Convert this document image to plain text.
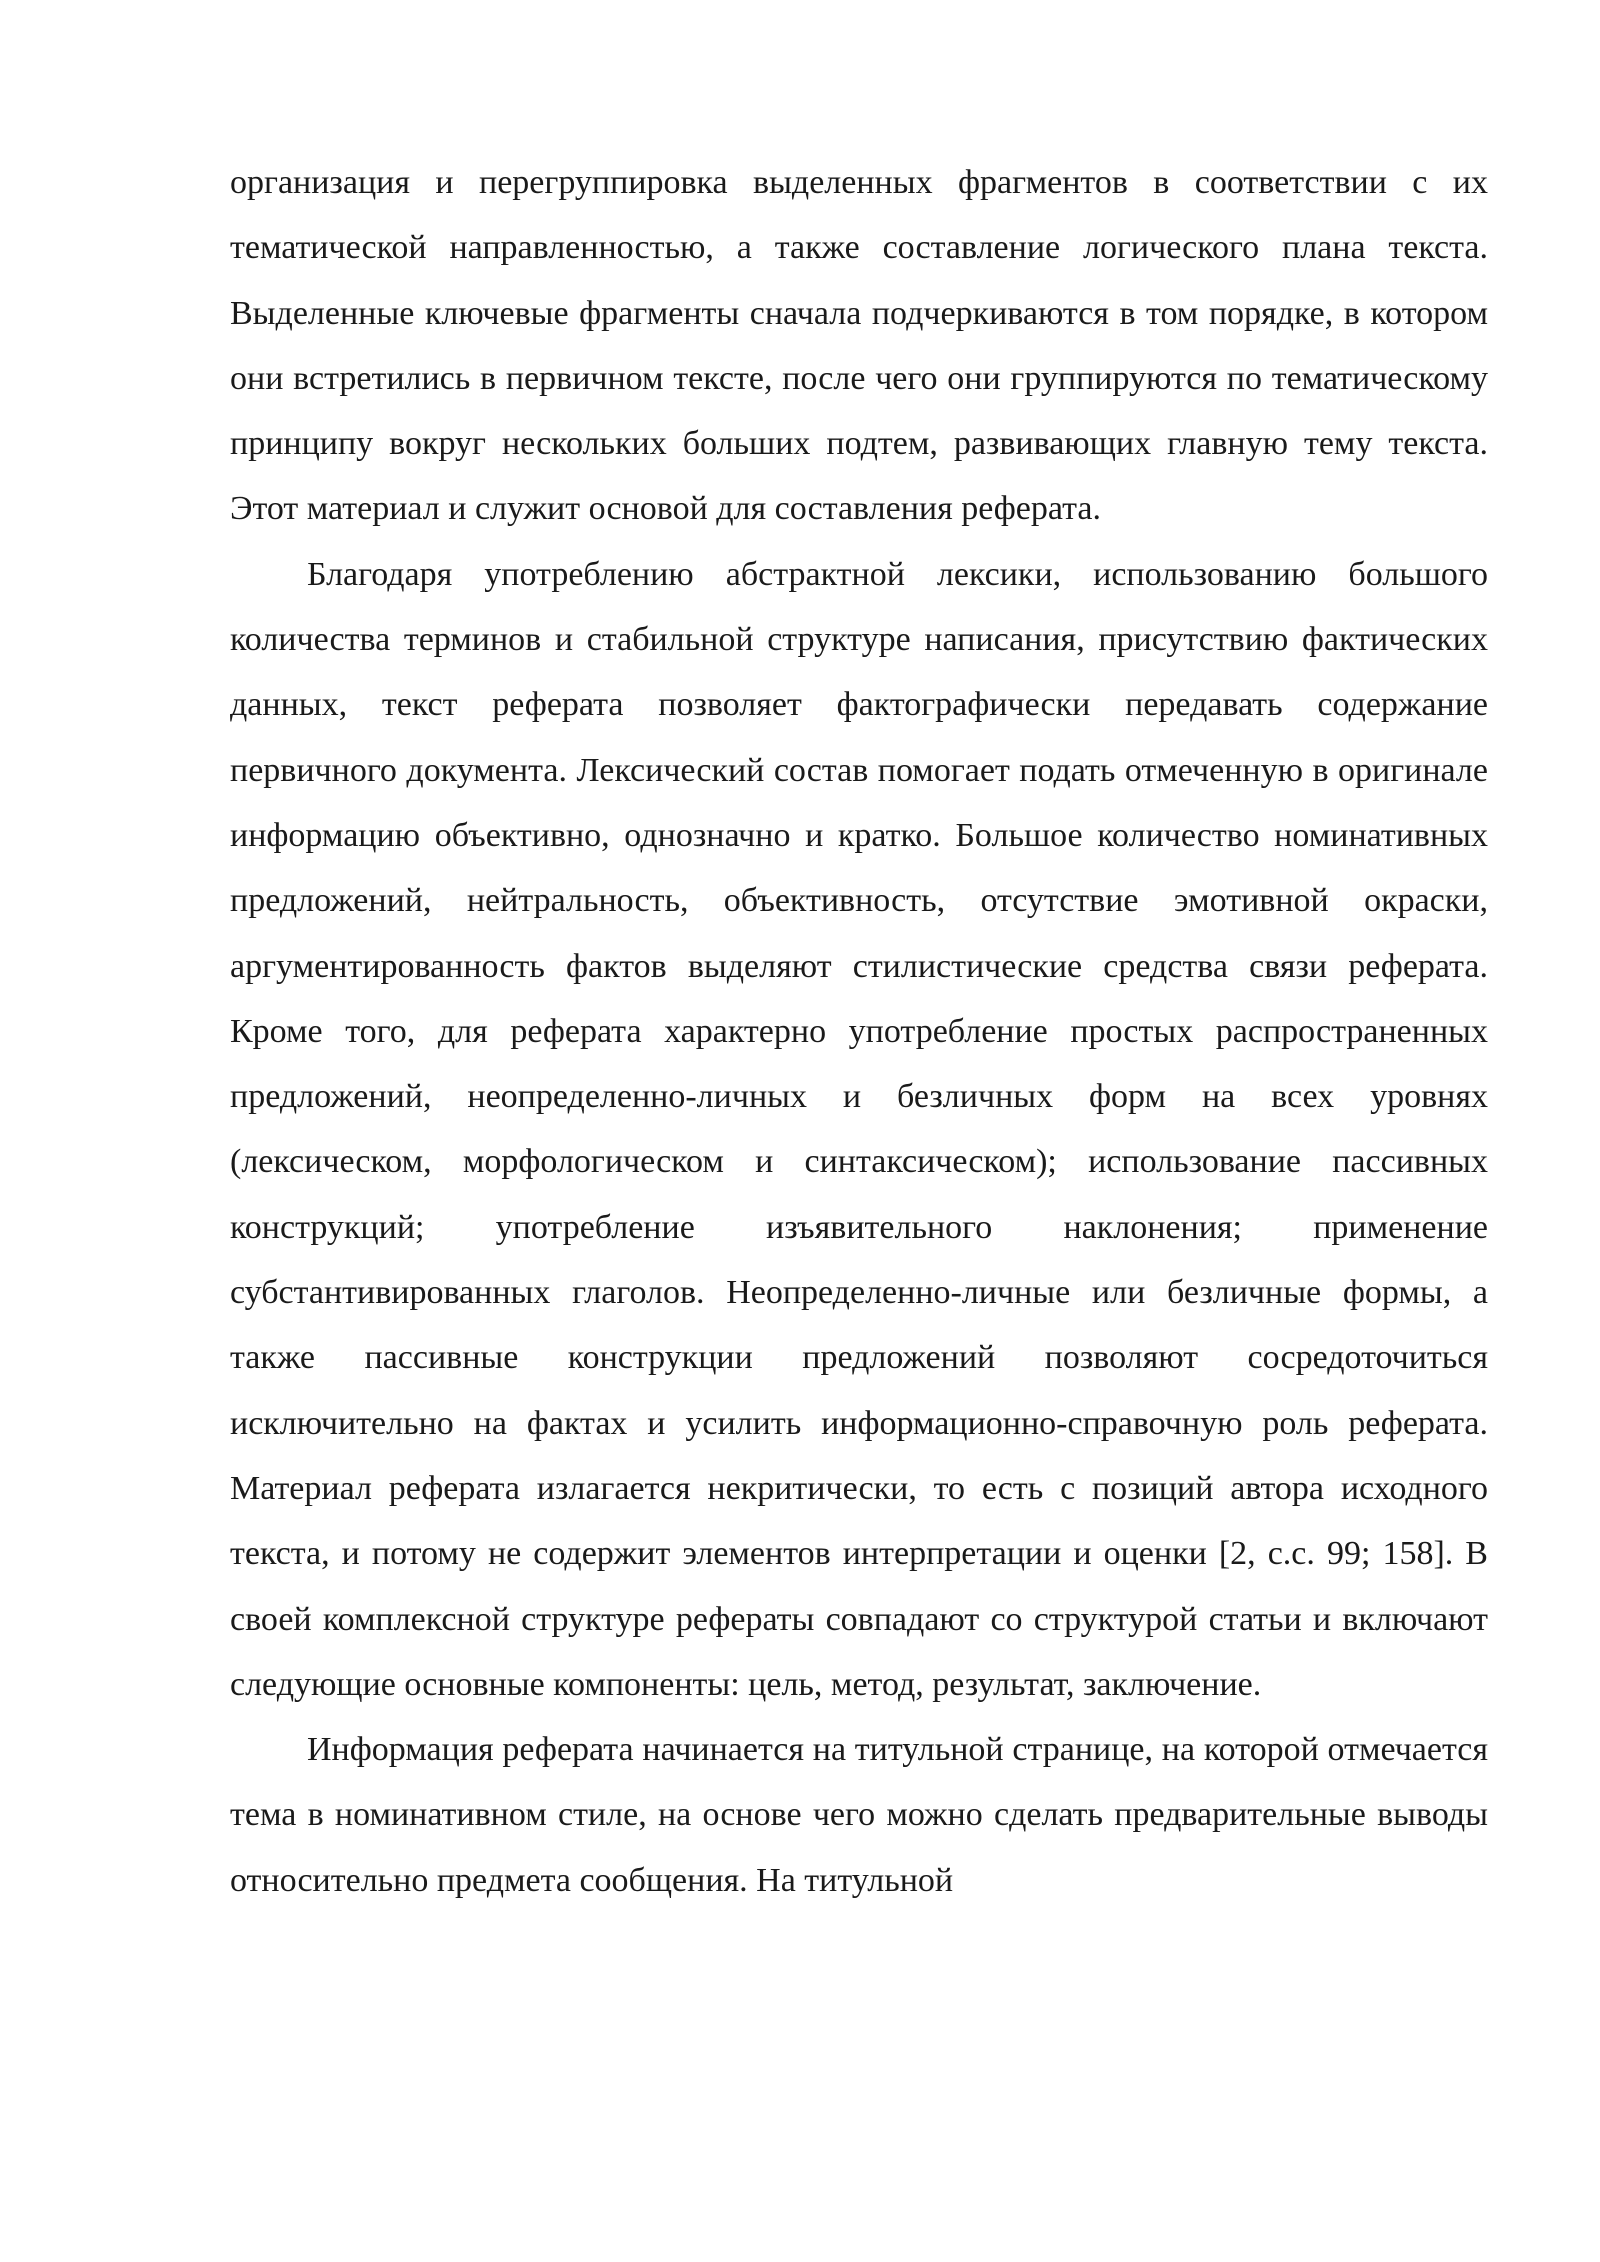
организация и перегруппировка выделенных фрагментов в соответствии с их тематической направленностью, а также составление логического плана текста. Выделенные ключевые фрагменты сначала подчеркиваются в том порядке, в котором они встретились в первичном тексте, после чего они группируются по тематическому принципу вокруг нескольких больших подтем, развивающих главную тему текста. Этот материал и служит основой для составления реферата.

Благодаря употреблению абстрактной лексики, использованию большого количества терминов и стабильной структуре написания, присутствию фактических данных, текст реферата позволяет фактографически передавать содержание первичного документа. Лексический состав помогает подать отмеченную в оригинале информацию объективно, однозначно и кратко. Большое количество номинативных предложений, нейтральность, объективность, отсутствие эмотивной окраски, аргументированность фактов выделяют стилистические средства связи реферата. Кроме того, для реферата характерно употребление простых распространенных предложений, неопределенно-личных и безличных форм на всех уровнях (лексическом, морфологическом и синтаксическом); использование пассивных конструкций; употребление изъявительного наклонения; применение субстантивированных глаголов. Неопределенно-личные или безличные формы, а также пассивные конструкции предложений позволяют сосредоточиться исключительно на фактах и усилить информационно-справочную роль реферата. Материал реферата излагается некритически, то есть с позиций автора исходного текста, и потому не содержит элементов интерпретации и оценки [2, с.с. 99; 158]. В своей комплексной структуре рефераты совпадают со структурой статьи и включают следующие основные компоненты: цель, метод, результат, заключение.

Информация реферата начинается на титульной странице, на которой отмечается тема в номинативном стиле, на основе чего можно сделать предварительные выводы относительно предмета сообщения. На титульной
